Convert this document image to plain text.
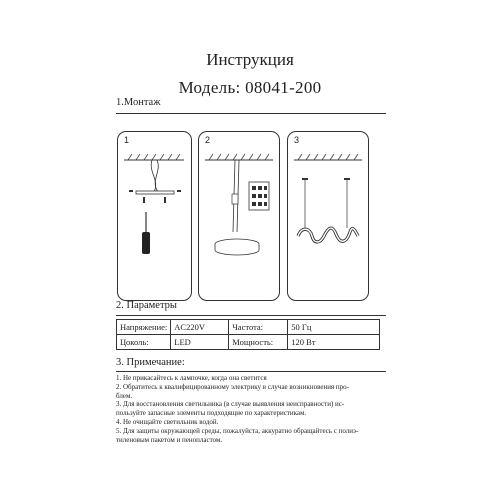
Инструкция
Модель: 08041-200
1.Монтаж
1	2	3
2. Параметры
Напряжение:	AC220V	Частота:	50 Гц
Цоколь:	LED	Мощность:	120 Вт
3. Примечание:
1. Не прикасайтесь к лампочке, когда она светится
2. Обратитесь к квалифицированному электрику в случае возникновения про-
блем.
3. Для восстановления светильника (в случае выявления неисправности) ис-
пользуйте запасные элементы подходящие по характеристикам.
4. Не очищайте светильник водой.
5. Для защиты окружающей среды, пожалуйста, аккуратно обращайтесь с полиэ-
тиленовым пакетом и пенопластом.
